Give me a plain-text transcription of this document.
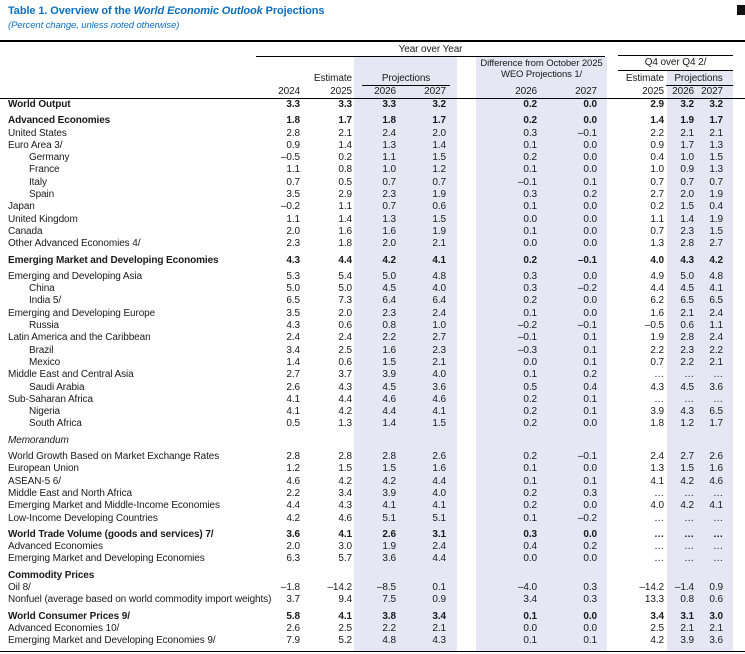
Table 1. Overview of the World Economic Outlook Projections
(Percent change, unless noted otherwise)
Year over Year
Q4 over Q4 2/
Estimate	Projections
Difference from October 2025
WEO Projections 1/	Estimate	Projections
	2024	2025	2026	2027		2026	2027	2025	2026	2027
World Output	3.3	3.3	3.3	3.2		0.2	0.0	2.9	3.2	3.2
Advanced Economies	1.8	1.7	1.8	1.7		0.2	0.0	1.4	1.9	1.7
United States	2.8	2.1	2.4	2.0		0.3	–0.1	2.2	2.1	2.1
Euro Area 3/	0.9	1.4	1.3	1.4		0.1	0.0	0.9	1.7	1.3
Germany	–0.5	0.2	1.1	1.5		0.2	0.0	0.4	1.0	1.5
France	1.1	0.8	1.0	1.2		0.1	0.0	1.0	0.9	1.3
Italy	0.7	0.5	0.7	0.7		–0.1	0.1	0.7	0.7	0.7
Spain	3.5	2.9	2.3	1.9		0.3	0.2	2.7	2.0	1.9
Japan	–0.2	1.1	0.7	0.6		0.1	0.0	0.2	1.5	0.4
United Kingdom	1.1	1.4	1.3	1.5		0.0	0.0	1.1	1.4	1.9
Canada	2.0	1.6	1.6	1.9		0.1	0.0	0.7	2.3	1.5
Other Advanced Economies 4/	2.3	1.8	2.0	2.1		0.0	0.0	1.3	2.8	2.7
Emerging Market and Developing Economies	4.3	4.4	4.2	4.1		0.2	–0.1	4.0	4.3	4.2
Emerging and Developing Asia	5.3	5.4	5.0	4.8		0.3	0.0	4.9	5.0	4.8
China	5.0	5.0	4.5	4.0		0.3	–0.2	4.4	4.5	4.1
India 5/	6.5	7.3	6.4	6.4		0.2	0.0	6.2	6.5	6.5
Emerging and Developing Europe	3.5	2.0	2.3	2.4		0.1	0.0	1.6	2.1	2.4
Russia	4.3	0.6	0.8	1.0		–0.2	–0.1	–0.5	0.6	1.1
Latin America and the Caribbean	2.4	2.4	2.2	2.7		–0.1	0.1	1.9	2.8	2.4
Brazil	3.4	2.5	1.6	2.3		–0.3	0.1	2.2	2.3	2.2
Mexico	1.4	0.6	1.5	2.1		0.0	0.1	0.7	2.2	2.1
Middle East and Central Asia	2.7	3.7	3.9	4.0		0.1	0.2	…	…	…
Saudi Arabia	2.6	4.3	4.5	3.6		0.5	0.4	4.3	4.5	3.6
Sub-Saharan Africa	4.1	4.4	4.6	4.6		0.2	0.1	…	…	…
Nigeria	4.1	4.2	4.4	4.1		0.2	0.1	3.9	4.3	6.5
South Africa	0.5	1.3	1.4	1.5		0.2	0.0	1.8	1.2	1.7
Memorandum										
World Growth Based on Market Exchange Rates	2.8	2.8	2.8	2.6		0.2	–0.1	2.4	2.7	2.6
European Union	1.2	1.5	1.5	1.6		0.1	0.0	1.3	1.5	1.6
ASEAN-5 6/	4.6	4.2	4.2	4.4		0.1	0.1	4.1	4.2	4.6
Middle East and North Africa	2.2	3.4	3.9	4.0		0.2	0.3	…	…	…
Emerging Market and Middle-Income Economies	4.4	4.3	4.1	4.1		0.2	0.0	4.0	4.2	4.1
Low-Income Developing Countries	4.2	4.6	5.1	5.1		0.1	–0.2	…	…	…
World Trade Volume (goods and services) 7/	3.6	4.1	2.6	3.1		0.3	0.0	…	…	…
Advanced Economies	2.0	3.0	1.9	2.4		0.4	0.2	…	…	…
Emerging Market and Developing Economies	6.3	5.7	3.6	4.4		0.0	0.0	…	…	…
Commodity Prices										
Oil 8/	–1.8	–14.2	–8.5	0.1		–4.0	0.3	–14.2	–1.4	0.9
Nonfuel (average based on world commodity import weights)	3.7	9.4	7.5	0.9		3.4	0.3	13.3	0.8	0.6
World Consumer Prices 9/	5.8	4.1	3.8	3.4		0.1	0.0	3.4	3.1	3.0
Advanced Economies 10/	2.6	2.5	2.2	2.1		0.0	0.0	2.5	2.1	2.1
Emerging Market and Developing Economies 9/	7.9	5.2	4.8	4.3		0.1	0.1	4.2	3.9	3.6
